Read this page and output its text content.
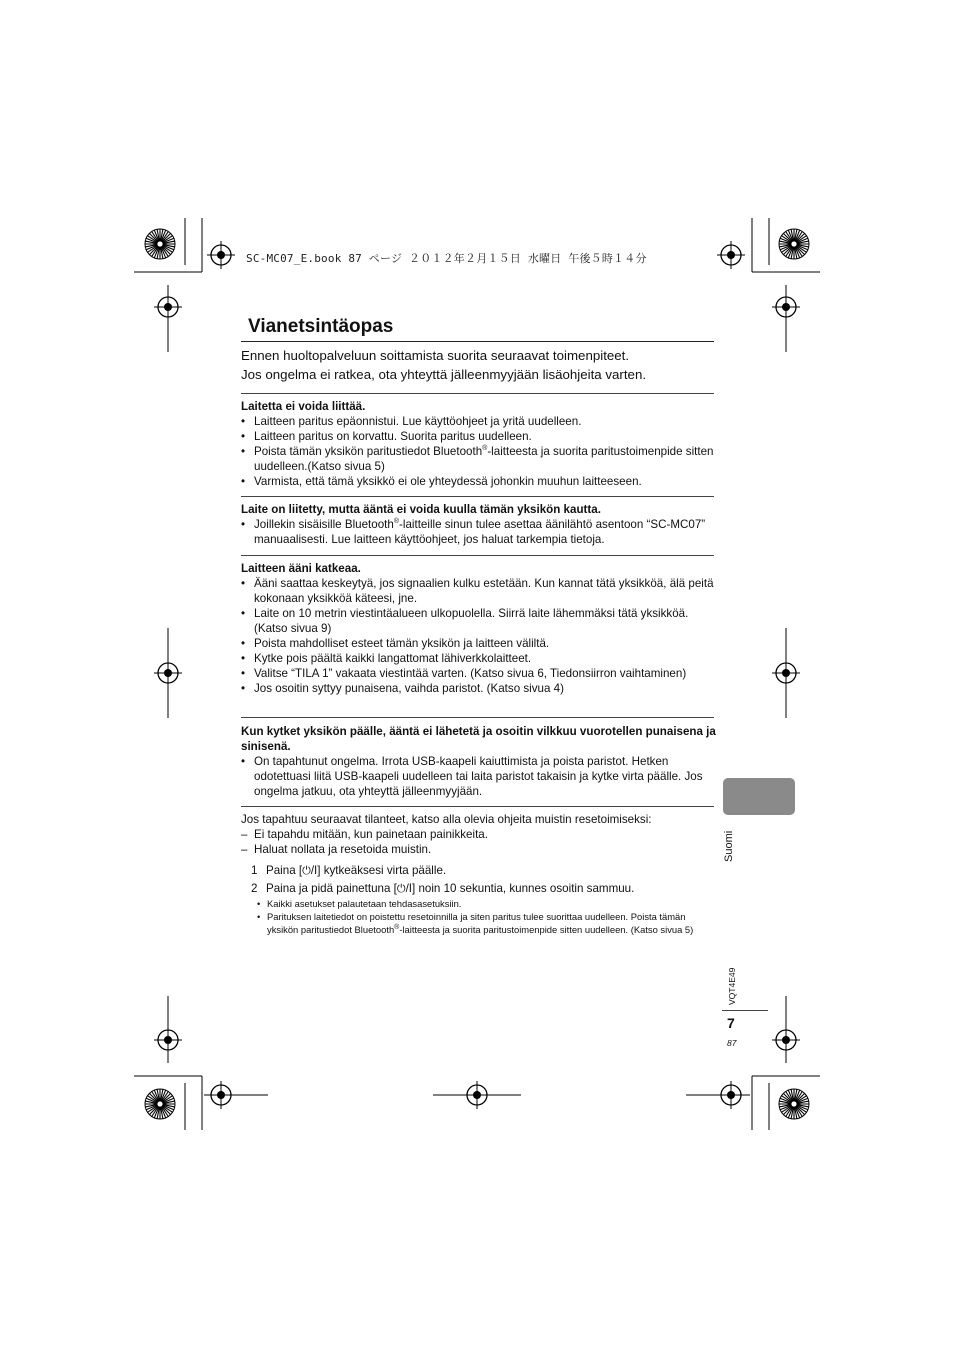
SC-MC07_E.book 87 ページ ２０１２年２月１５日 水曜日 午後５時１４分
Vianetsintäopas

Ennen huoltopalveluun soittamista suorita seuraavat toimenpiteet.

Jos ongelma ei ratkea, ota yhteyttä jälleenmyyjään lisäohjeita varten.

Laitetta ei voida liittää.
• Laitteen paritus epäonnistui. Lue käyttöohjeet ja yritä uudelleen.
• Laitteen paritus on korvattu. Suorita paritus uudelleen.
• Poista tämän yksikön paritustiedot Bluetooth®-laitteesta ja suorita paritustoimenpide sitten uudelleen.(Katso sivua 5)
• Varmista, että tämä yksikkö ei ole yhteydessä johonkin muuhun laitteeseen.
Laite on liitetty, mutta ääntä ei voida kuulla tämän yksikön kautta.
• Joillekin sisäisille Bluetooth®-laitteille sinun tulee asettaa äänilähtö asentoon “SC-MC07” manuaalisesti. Lue laitteen käyttöohjeet, jos haluat tarkempia tietoja.
Laitteen ääni katkeaa.
• Ääni saattaa keskeytyä, jos signaalien kulku estetään. Kun kannat tätä yksikköä, älä peitä kokonaan yksikköä käteesi, jne.
• Laite on 10 metrin viestintäalueen ulkopuolella. Siirrä laite lähemmäksi tätä yksikköä. (Katso sivua 9)
• Poista mahdolliset esteet tämän yksikön ja laitteen väliltä.
• Kytke pois päältä kaikki langattomat lähiverkkolaitteet.
• Valitse “TILA 1” vakaata viestintää varten. (Katso sivua 6, Tiedonsiirron vaihtaminen)
• Jos osoitin syttyy punaisena, vaihda paristot. (Katso sivua 4)
Kun kytket yksikön päälle, ääntä ei lähetetä ja osoitin vilkkuu vuorotellen punaisena ja sinisenä.
• On tapahtunut ongelma. Irrota USB-kaapeli kaiuttimista ja poista paristot. Hetken odotettuasi liitä USB-kaapeli uudelleen tai laita paristot takaisin ja kytke virta päälle. Jos ongelma jatkuu, ota yhteyttä jälleenmyyjään.
Jos tapahtuu seuraavat tilanteet, katso alla olevia ohjeita muistin resetoimiseksi:
– Ei tapahdu mitään, kun painetaan painikkeita.
– Haluat nollata ja resetoida muistin.
1 Paina [⏻/I] kytkeäksesi virta päälle.
2 Paina ja pidä painettuna [⏻/I] noin 10 sekuntia, kunnes osoitin sammuu.
• Kaikki asetukset palautetaan tehdasasetuksiin.
• Parituksen laitetiedot on poistettu resetoinnilla ja siten paritus tulee suorittaa uudelleen. Poista tämän yksikön paritustiedot Bluetooth®-laitteesta ja suorita paritustoimenpide sitten uudelleen. (Katso sivua 5)
Suomi
VQT4E49
7
87
